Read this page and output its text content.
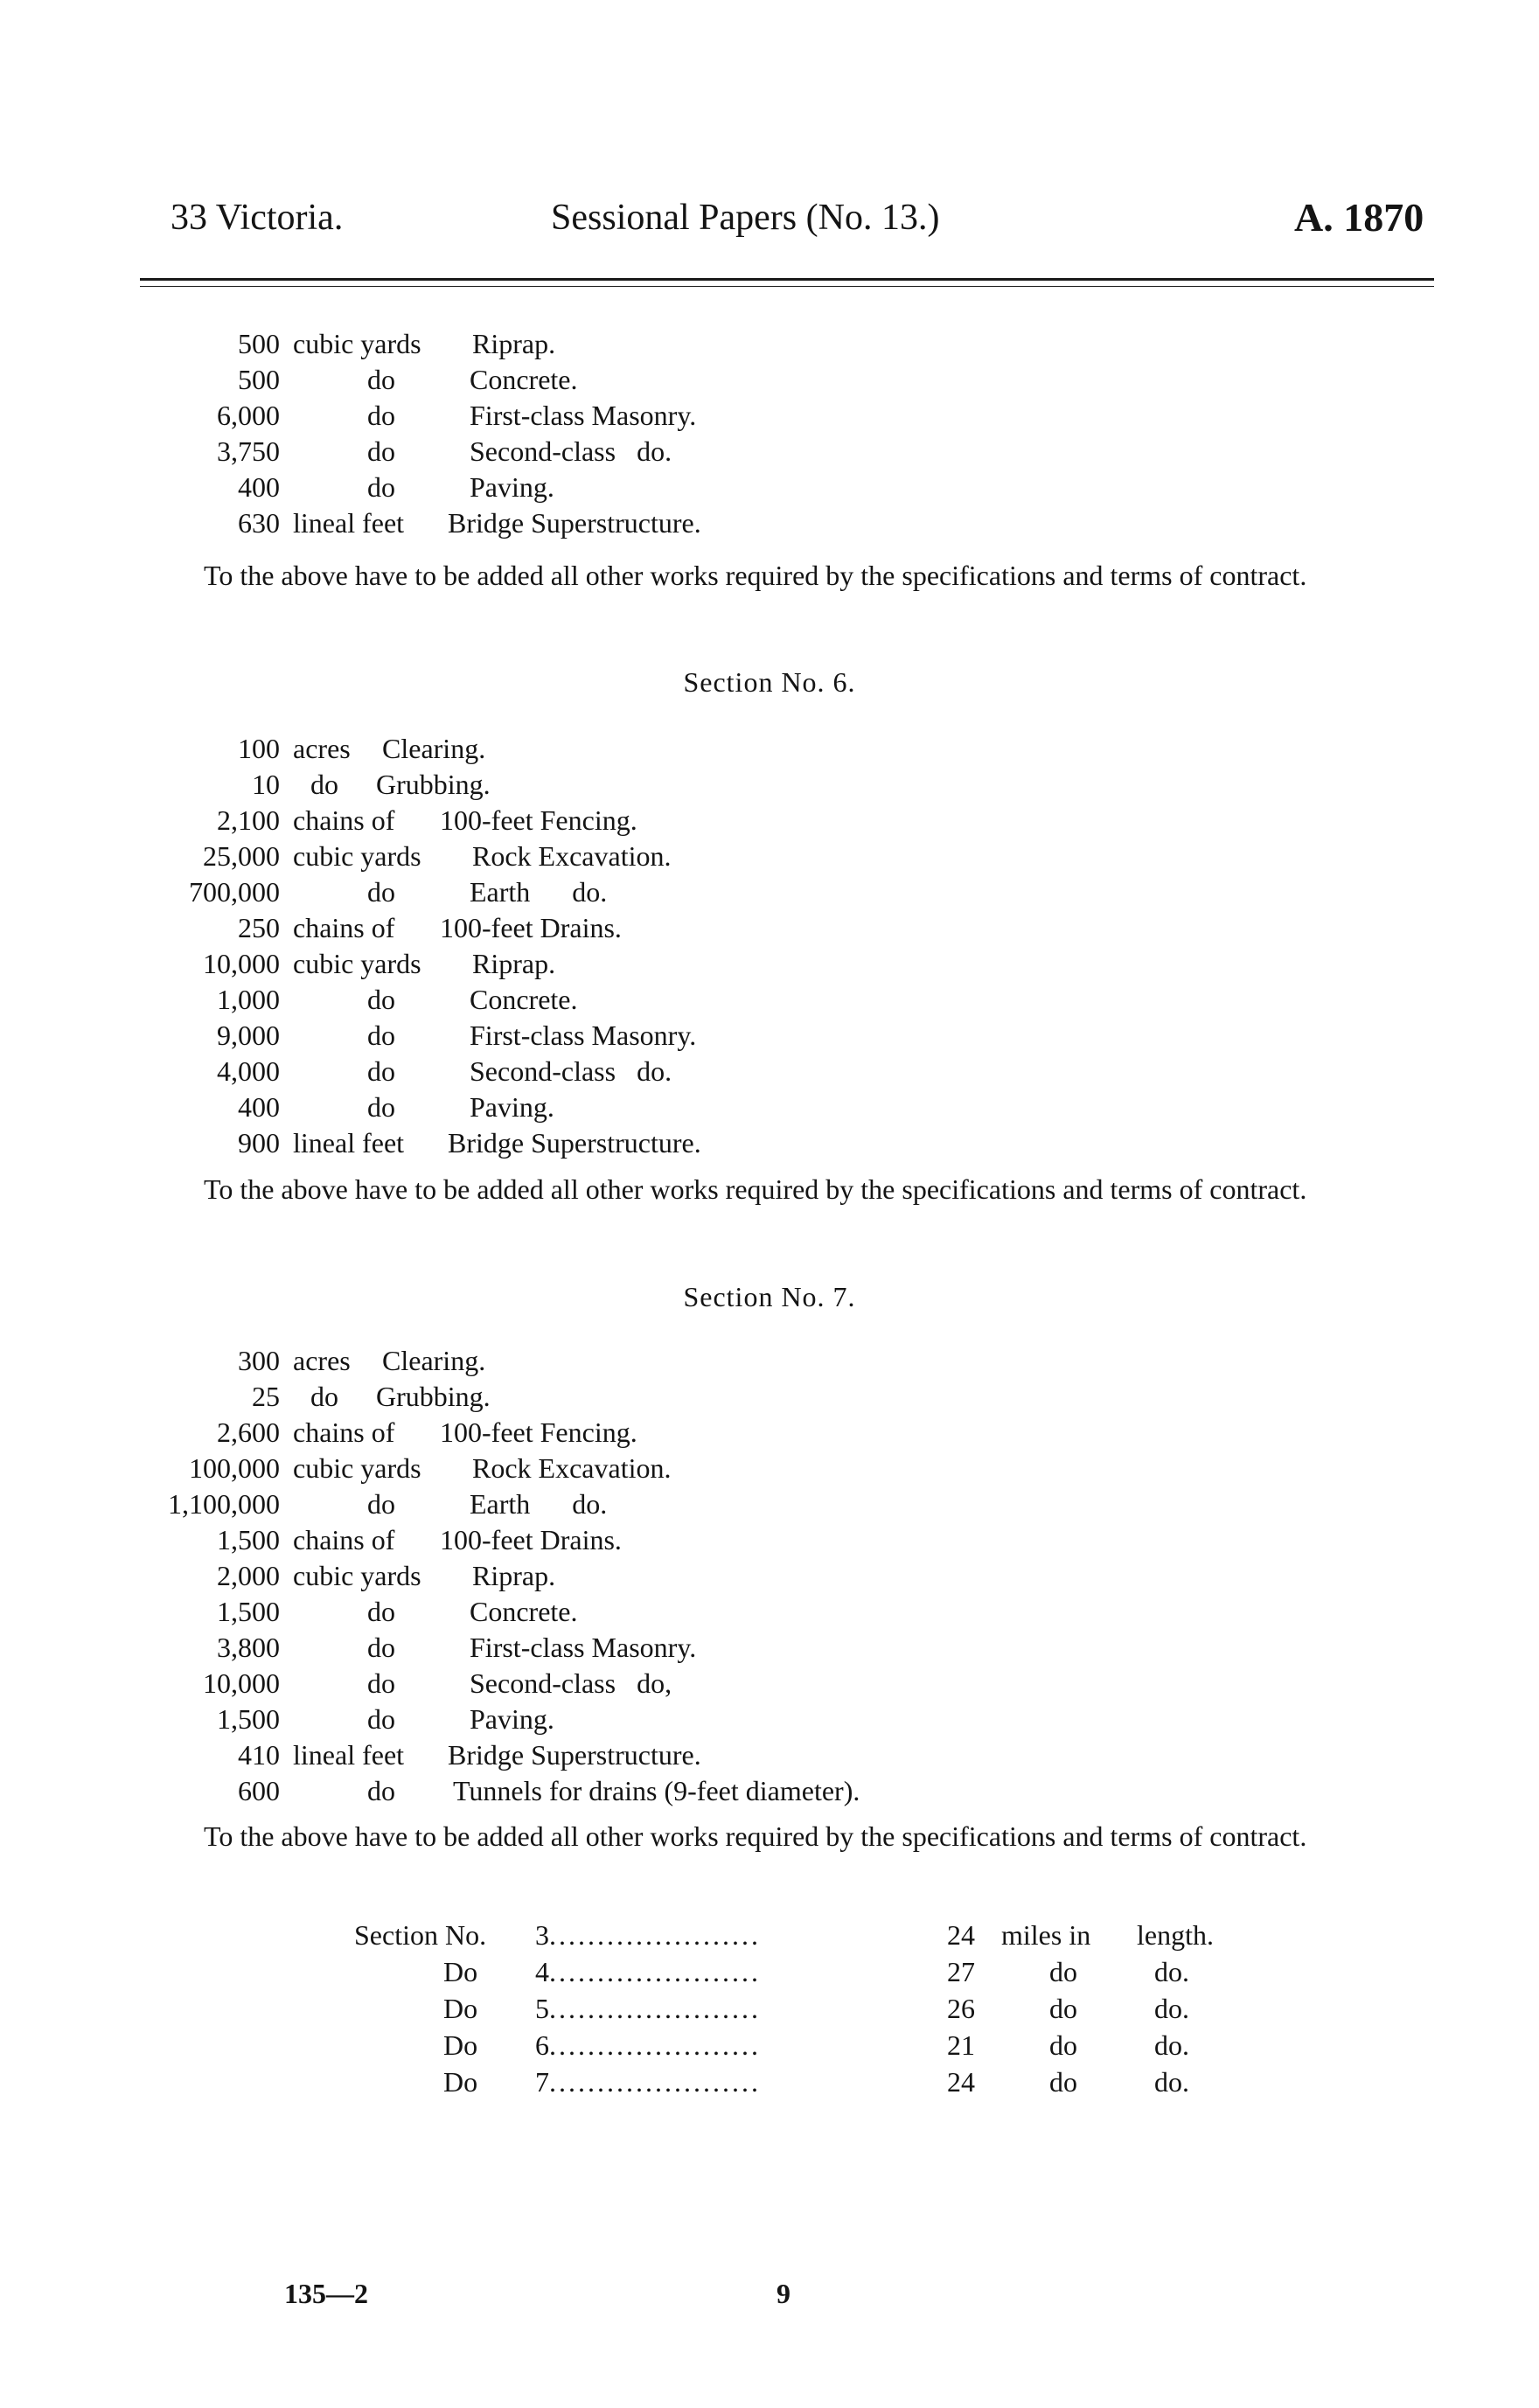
33 Victoria.	Sessional Papers (No. 13.)	A. 1870
500 cubic yards Riprap.
500	do	Concrete.
6,000	do	First-class Masonry.
3,750	do	Second-class   do.
400	do	Paving.
630 lineal feet Bridge Superstructure.
To the above have to be added all other works required by the specifications and terms of contract.
Section No. 6.
100 acres Clearing.
10 do Grubbing.
2,100 chains of 100-feet Fencing.
25,000 cubic yards Rock Excavation.
700,000	do	Earth      do.
250 chains of 100-feet Drains.
10,000 cubic yards Riprap.
1,000	do	Concrete.
9,000	do	First-class Masonry.
4,000	do	Second-class   do.
400	do	Paving.
900 lineal feet Bridge Superstructure.
To the above have to be added all other works required by the specifications and terms of contract.
Section No. 7.
300 acres Clearing.
25 do Grubbing.
2,600 chains of 100-feet Fencing.
100,000 cubic yards Rock Excavation.
1,100,000	do	Earth      do.
1,500 chains of 100-feet Drains.
2,000 cubic yards Riprap.
1,500	do	Concrete.
3,800	do	First-class Masonry.
10,000	do	Second-class   do,
1,500	do	Paving.
410 lineal feet Bridge Superstructure.
600	do Tunnels for drains (9-feet diameter).
To the above have to be added all other works required by the specifications and terms of contract.
Section No. 3 ......................	24 miles in length.
Do 4 ......................	27	do	do.
Do 5 ......................	26	do	do.
Do 6 ......................	21	do	do.
Do 7 ......................	24	do	do.
135—2	9
